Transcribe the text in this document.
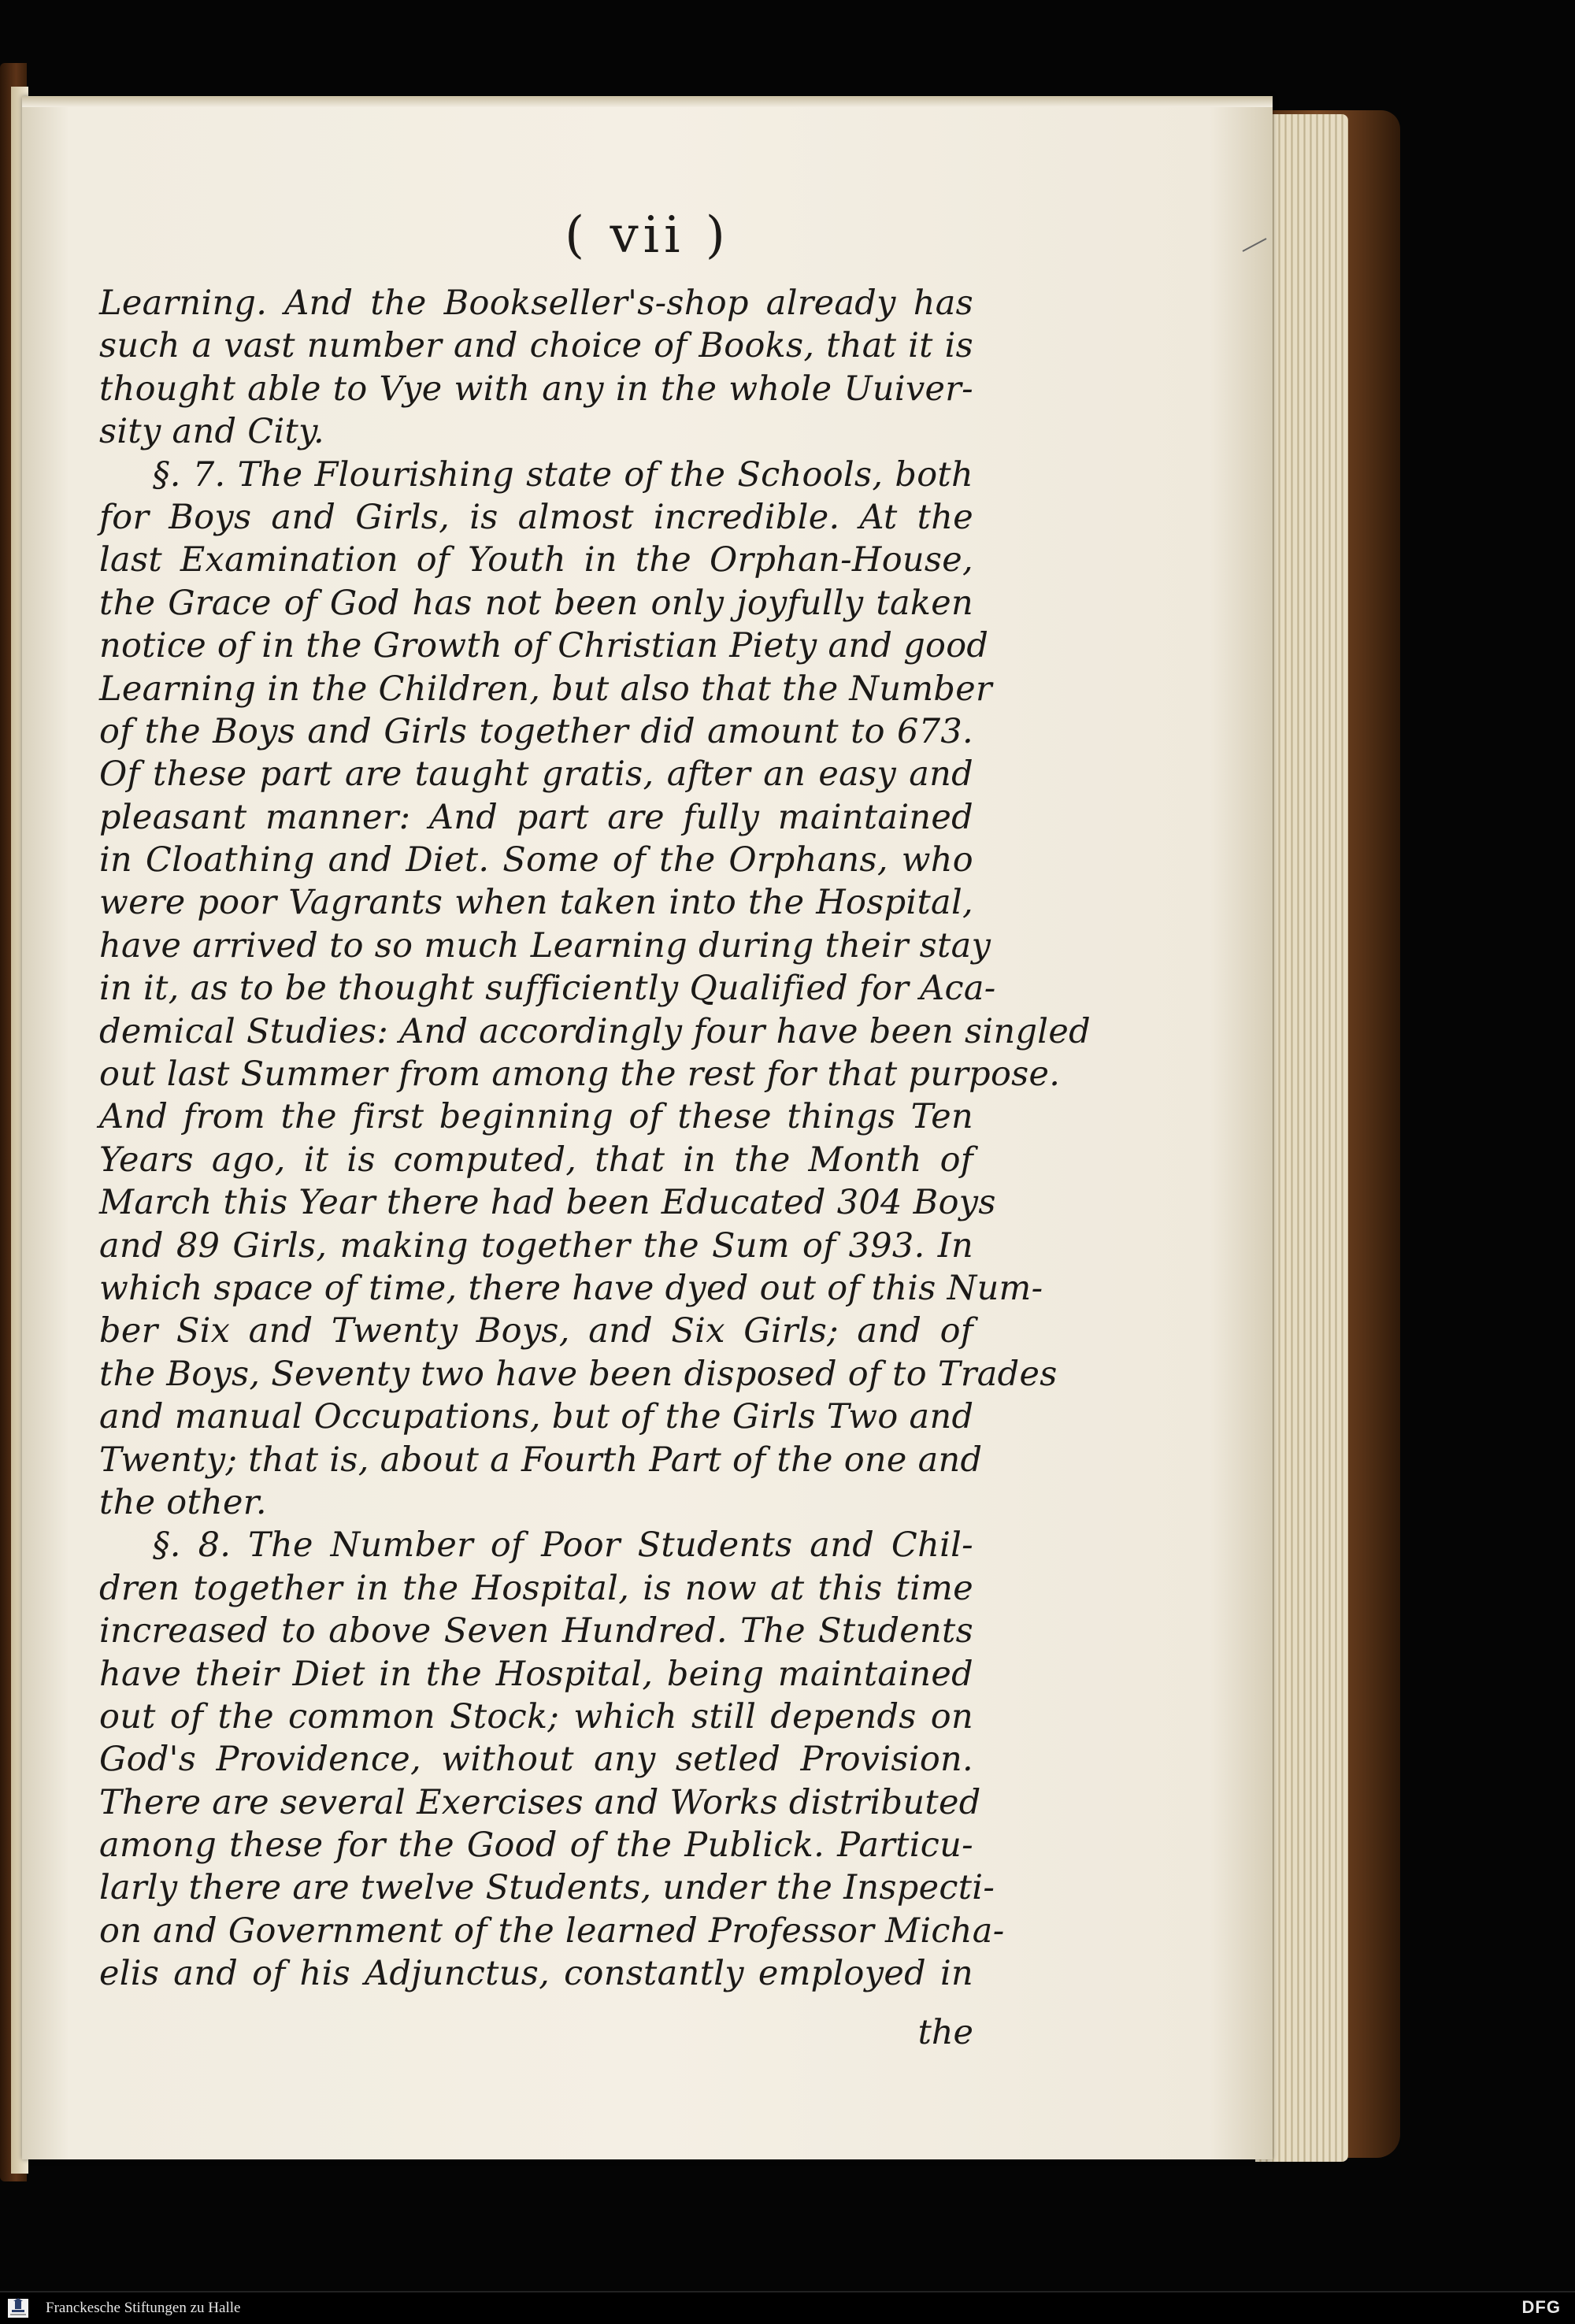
( vii )
Learning. And the Bookseller's-shop already has
such a vast number and choice of Books, that it is
thought able to Vye with any in the whole Uuiver-
sity and City.
§. 7. The Flourishing state of the Schools, both
for Boys and Girls, is almost incredible. At the
last Examination of Youth in the Orphan-House,
the Grace of God has not been only joyfully taken
notice of in the Growth of Christian Piety and good
Learning in the Children, but also that the Number
of the Boys and Girls together did amount to 673.
Of these part are taught gratis, after an easy and
pleasant manner: And part are fully maintained
in Cloathing and Diet. Some of the Orphans, who
were poor Vagrants when taken into the Hospital,
have arrived to so much Learning during their stay
in it, as to be thought sufficiently Qualified for Aca-
demical Studies: And accordingly four have been singled
out last Summer from among the rest for that purpose.
And from the first beginning of these things Ten
Years ago, it is computed, that in the Month of
March this Year there had been Educated 304 Boys
and 89 Girls, making together the Sum of 393. In
which space of time, there have dyed out of this Num-
ber Six and Twenty Boys, and Six Girls; and of
the Boys, Seventy two have been disposed of to Trades
and manual Occupations, but of the Girls Two and
Twenty; that is, about a Fourth Part of the one and
the other.
§. 8. The Number of Poor Students and Chil-
dren together in the Hospital, is now at this time
increased to above Seven Hundred. The Students
have their Diet in the Hospital, being maintained
out of the common Stock; which still depends on
God's Providence, without any setled Provision.
There are several Exercises and Works distributed
among these for the Good of the Publick. Particu-
larly there are twelve Students, under the Inspecti-
on and Government of the learned Professor Micha-
elis and of his Adjunctus, constantly employed in
the
Franckesche Stiftungen zu Halle	DFG
